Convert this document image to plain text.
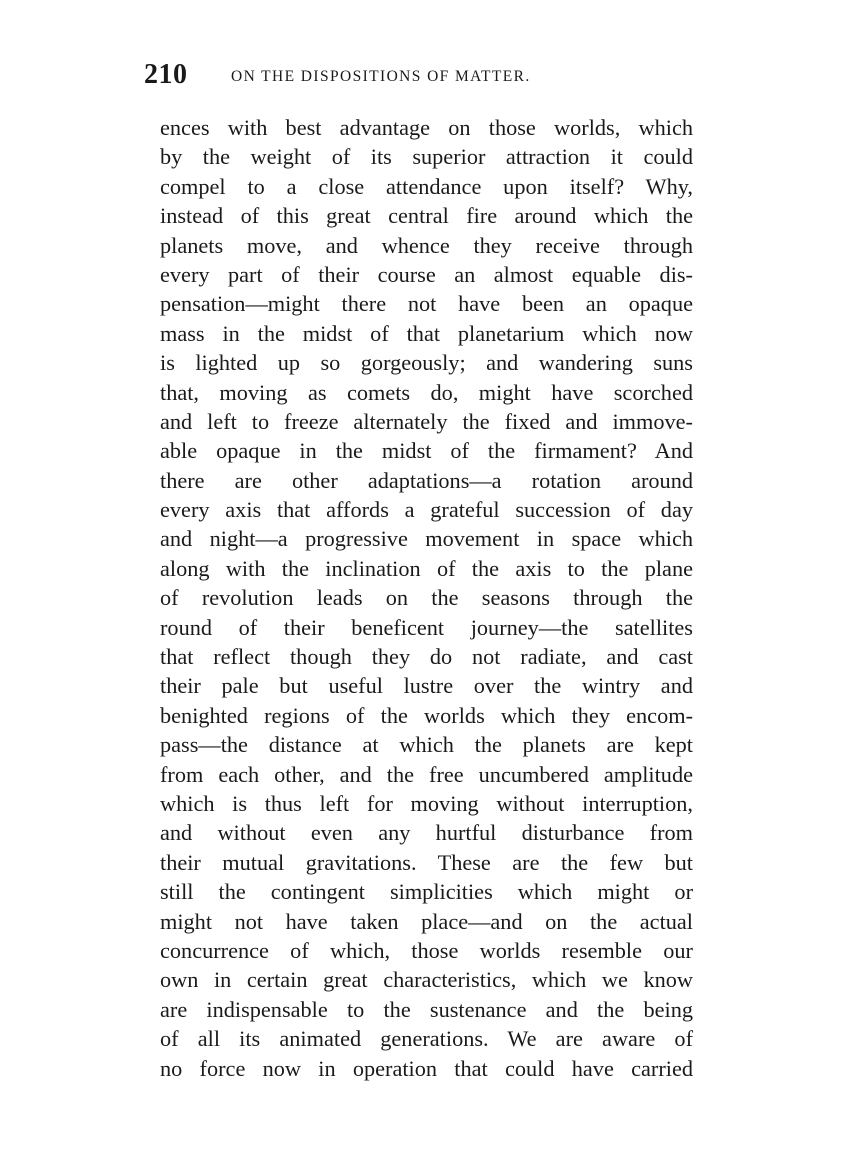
210	ON THE DISPOSITIONS OF MATTER.
ences with best advantage on those worlds, which
by the weight of its superior attraction it could
compel to a close attendance upon itself? Why,
instead of this great central fire around which the
planets move, and whence they receive through
every part of their course an almost equable dis-
pensation—might there not have been an opaque
mass in the midst of that planetarium which now
is lighted up so gorgeously; and wandering suns
that, moving as comets do, might have scorched
and left to freeze alternately the fixed and immove-
able opaque in the midst of the firmament? And
there are other adaptations—a rotation around
every axis that affords a grateful succession of day
and night—a progressive movement in space which
along with the inclination of the axis to the plane
of revolution leads on the seasons through the
round of their beneficent journey—the satellites
that reflect though they do not radiate, and cast
their pale but useful lustre over the wintry and
benighted regions of the worlds which they encom-
pass—the distance at which the planets are kept
from each other, and the free uncumbered amplitude
which is thus left for moving without interruption,
and without even any hurtful disturbance from
their mutual gravitations. These are the few but
still the contingent simplicities which might or
might not have taken place—and on the actual
concurrence of which, those worlds resemble our
own in certain great characteristics, which we know
are indispensable to the sustenance and the being
of all its animated generations. We are aware of
no force now in operation that could have carried
